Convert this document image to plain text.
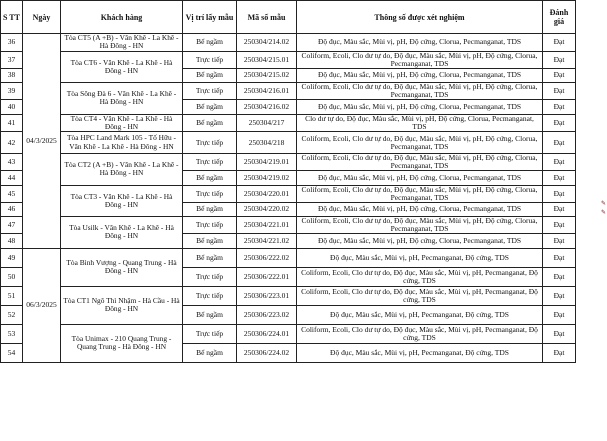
S TT	Ngày	Khách hàng	Vị trí lấy mẫu	Mã số mẫu	Thông số được xét nghiệm	Đánh giá
36	04/3/2025	Tòa CT5 (A +B) - Văn Khê - La Khê - Hà Đông - HN	Bể ngầm	250304/214.02	Độ đục, Màu sắc, Mùi vị, pH, Độ cứng, Clorua, Pecmanganat, TDS	Đạt
37		Tòa CT6 - Văn Khê - La Khê - Hà Đông - HN	Trực tiếp	250304/215.01	Coliform, Ecoli, Clo dư tự do, Độ đục, Màu sắc, Mùi vị, pH, Độ cứng, Clorua, Pecmanganat, TDS	Đạt
38			Bể ngầm	250304/215.02	Độ đục, Màu sắc, Mùi vị, pH, Độ cứng, Clorua, Pecmanganat, TDS	Đạt
39		Tòa Sông Đà 6 - Văn Khê - La Khê - Hà Đông - HN	Trực tiếp	250304/216.01	Coliform, Ecoli, Clo dư tự do, Độ đục, Màu sắc, Mùi vị, pH, Độ cứng, Clorua, Pecmanganat, TDS	Đạt
40			Bể ngầm	250304/216.02	Độ đục, Màu sắc, Mùi vị, pH, Độ cứng, Clorua, Pecmanganat, TDS	Đạt
41		Tòa CT4 - Văn Khê - La Khê - Hà Đông - HN	Bể ngầm	250304/217	Clo dư tự do, Độ đục, Màu sắc, Mùi vị, pH, Độ cứng, Clorua, Pecmanganat, TDS	Đạt
42		Tòa HPC Land Mark 105 - Tố Hữu - Văn Khê - La Khê - Hà Đông - HN	Trực tiếp	250304/218	Coliform, Ecoli, Clo dư tự do, Độ đục, Màu sắc, Mùi vị, pH, Độ cứng, Clorua, Pecmanganat, TDS	Đạt
43		Tòa CT2 (A +B) - Văn Khê - La Khê - Hà Đông - HN	Trực tiếp	250304/219.01	Coliform, Ecoli, Clo dư tự do, Độ đục, Màu sắc, Mùi vị, pH, Độ cứng, Clorua, Pecmanganat, TDS	Đạt
44			Bể ngầm	250304/219.02	Độ đục, Màu sắc, Mùi vị, pH, Độ cứng, Clorua, Pecmanganat, TDS	Đạt
45		Tòa CT3 - Văn Khê - La Khê - Hà Đông - HN	Trực tiếp	250304/220.01	Coliform, Ecoli, Clo dư tự do, Độ đục, Màu sắc, Mùi vị, pH, Độ cứng, Clorua, Pecmanganat, TDS	Đạt
46			Bể ngầm	250304/220.02	Độ đục, Màu sắc, Mùi vị, pH, Độ cứng, Clorua, Pecmanganat, TDS	Đạt
47		Tòa Usilk - Văn Khê - La Khê - Hà Đông - HN	Trực tiếp	250304/221.01	Coliform, Ecoli, Clo dư tự do, Độ đục, Màu sắc, Mùi vị, pH, Độ cứng, Clorua, Pecmanganat, TDS	Đạt
48			Bể ngầm	250304/221.02	Độ đục, Màu sắc, Mùi vị, pH, Độ cứng, Clorua, Pecmanganat, TDS	Đạt
49	06/3/2025	Tòa Bình Vượng - Quang Trung - Hà Đông - HN	Bể ngầm	250306/222.02	Độ đục, Màu sắc, Mùi vị, pH, Pecmanganat, Độ cứng, TDS	Đạt
50			Trực tiếp	250306/222.01	Coliform, Ecoli, Clo dư tự do, Độ đục, Màu sắc, Mùi vị, pH, Pecmanganat, Độ cứng, TDS	Đạt
51		Tòa CT1 Ngô Thì Nhậm - Hà Cầu - Hà Đông - HN	Trực tiếp	250306/223.01	Coliform, Ecoli, Clo dư tự do, Độ đục, Màu sắc, Mùi vị, pH, Pecmanganat, Độ cứng, TDS	Đạt
52			Bể ngầm	250306/223.02	Độ đục, Màu sắc, Mùi vị, pH, Pecmanganat, Độ cứng, TDS	Đạt
53		Tòa Unimax - 210 Quang Trung - Quang Trung - Hà Đông - HN	Trực tiếp	250306/224.01	Coliform, Ecoli, Clo dư tự do, Độ đục, Màu sắc, Mùi vị, pH, Pecmanganat, Độ cứng, TDS	Đạt
54			Bể ngầm	250306/224.02	Độ đục, Màu sắc, Mùi vị, pH, Pecmanganat, Độ cứng, TDS	Đạt
✎ ✎
